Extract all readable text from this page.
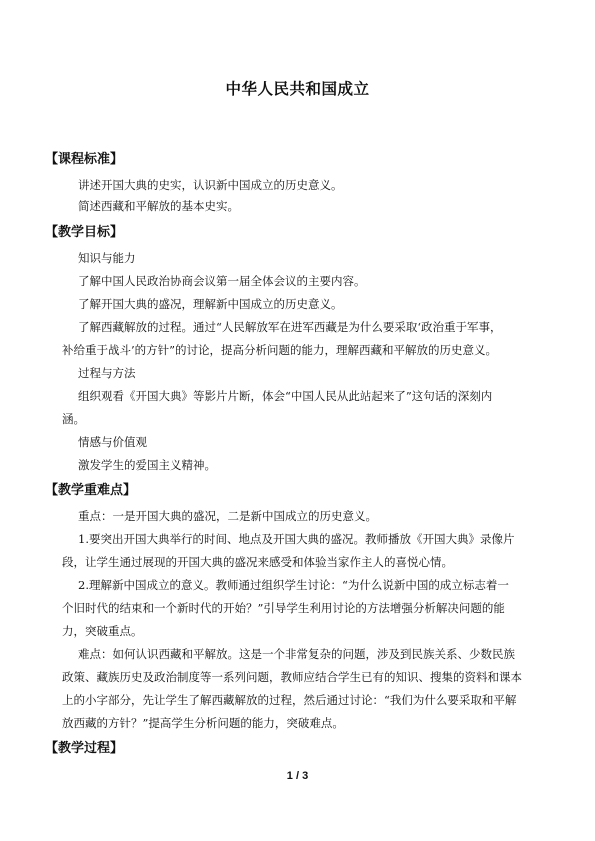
中华人民共和国成立
【课程标准】
讲述开国大典的史实，认识新中国成立的历史意义。
简述西藏和平解放的基本史实。
【教学目标】
知识与能力
了解中国人民政治协商会议第一届全体会议的主要内容。
了解开国大典的盛况，理解新中国成立的历史意义。
了解西藏解放的过程。通过“人民解放军在进军西藏是为什么要采取‘政治重于军事，
补给重于战斗’的方针”的讨论，提高分析问题的能力，理解西藏和平解放的历史意义。
过程与方法
组织观看《开国大典》等影片片断，体会“中国人民从此站起来了”这句话的深刻内
涵。
情感与价值观
激发学生的爱国主义精神。
【教学重难点】
重点：一是开国大典的盛况，二是新中国成立的历史意义。
1.要突出开国大典举行的时间、地点及开国大典的盛况。教师播放《开国大典》录像片
段，让学生通过展现的开国大典的盛况来感受和体验当家作主人的喜悦心情。
2.理解新中国成立的意义。教师通过组织学生讨论：“为什么说新中国的成立标志着一
个旧时代的结束和一个新时代的开始？”引导学生利用讨论的方法增强分析解决问题的能
力，突破重点。
难点：如何认识西藏和平解放。这是一个非常复杂的问题，涉及到民族关系、少数民族
政策、藏族历史及政治制度等一系列问题，教师应结合学生已有的知识、搜集的资料和课本
上的小字部分，先让学生了解西藏解放的过程，然后通过讨论：“我们为什么要采取和平解
放西藏的方针？”提高学生分析问题的能力，突破难点。
【教学过程】
1 / 3
